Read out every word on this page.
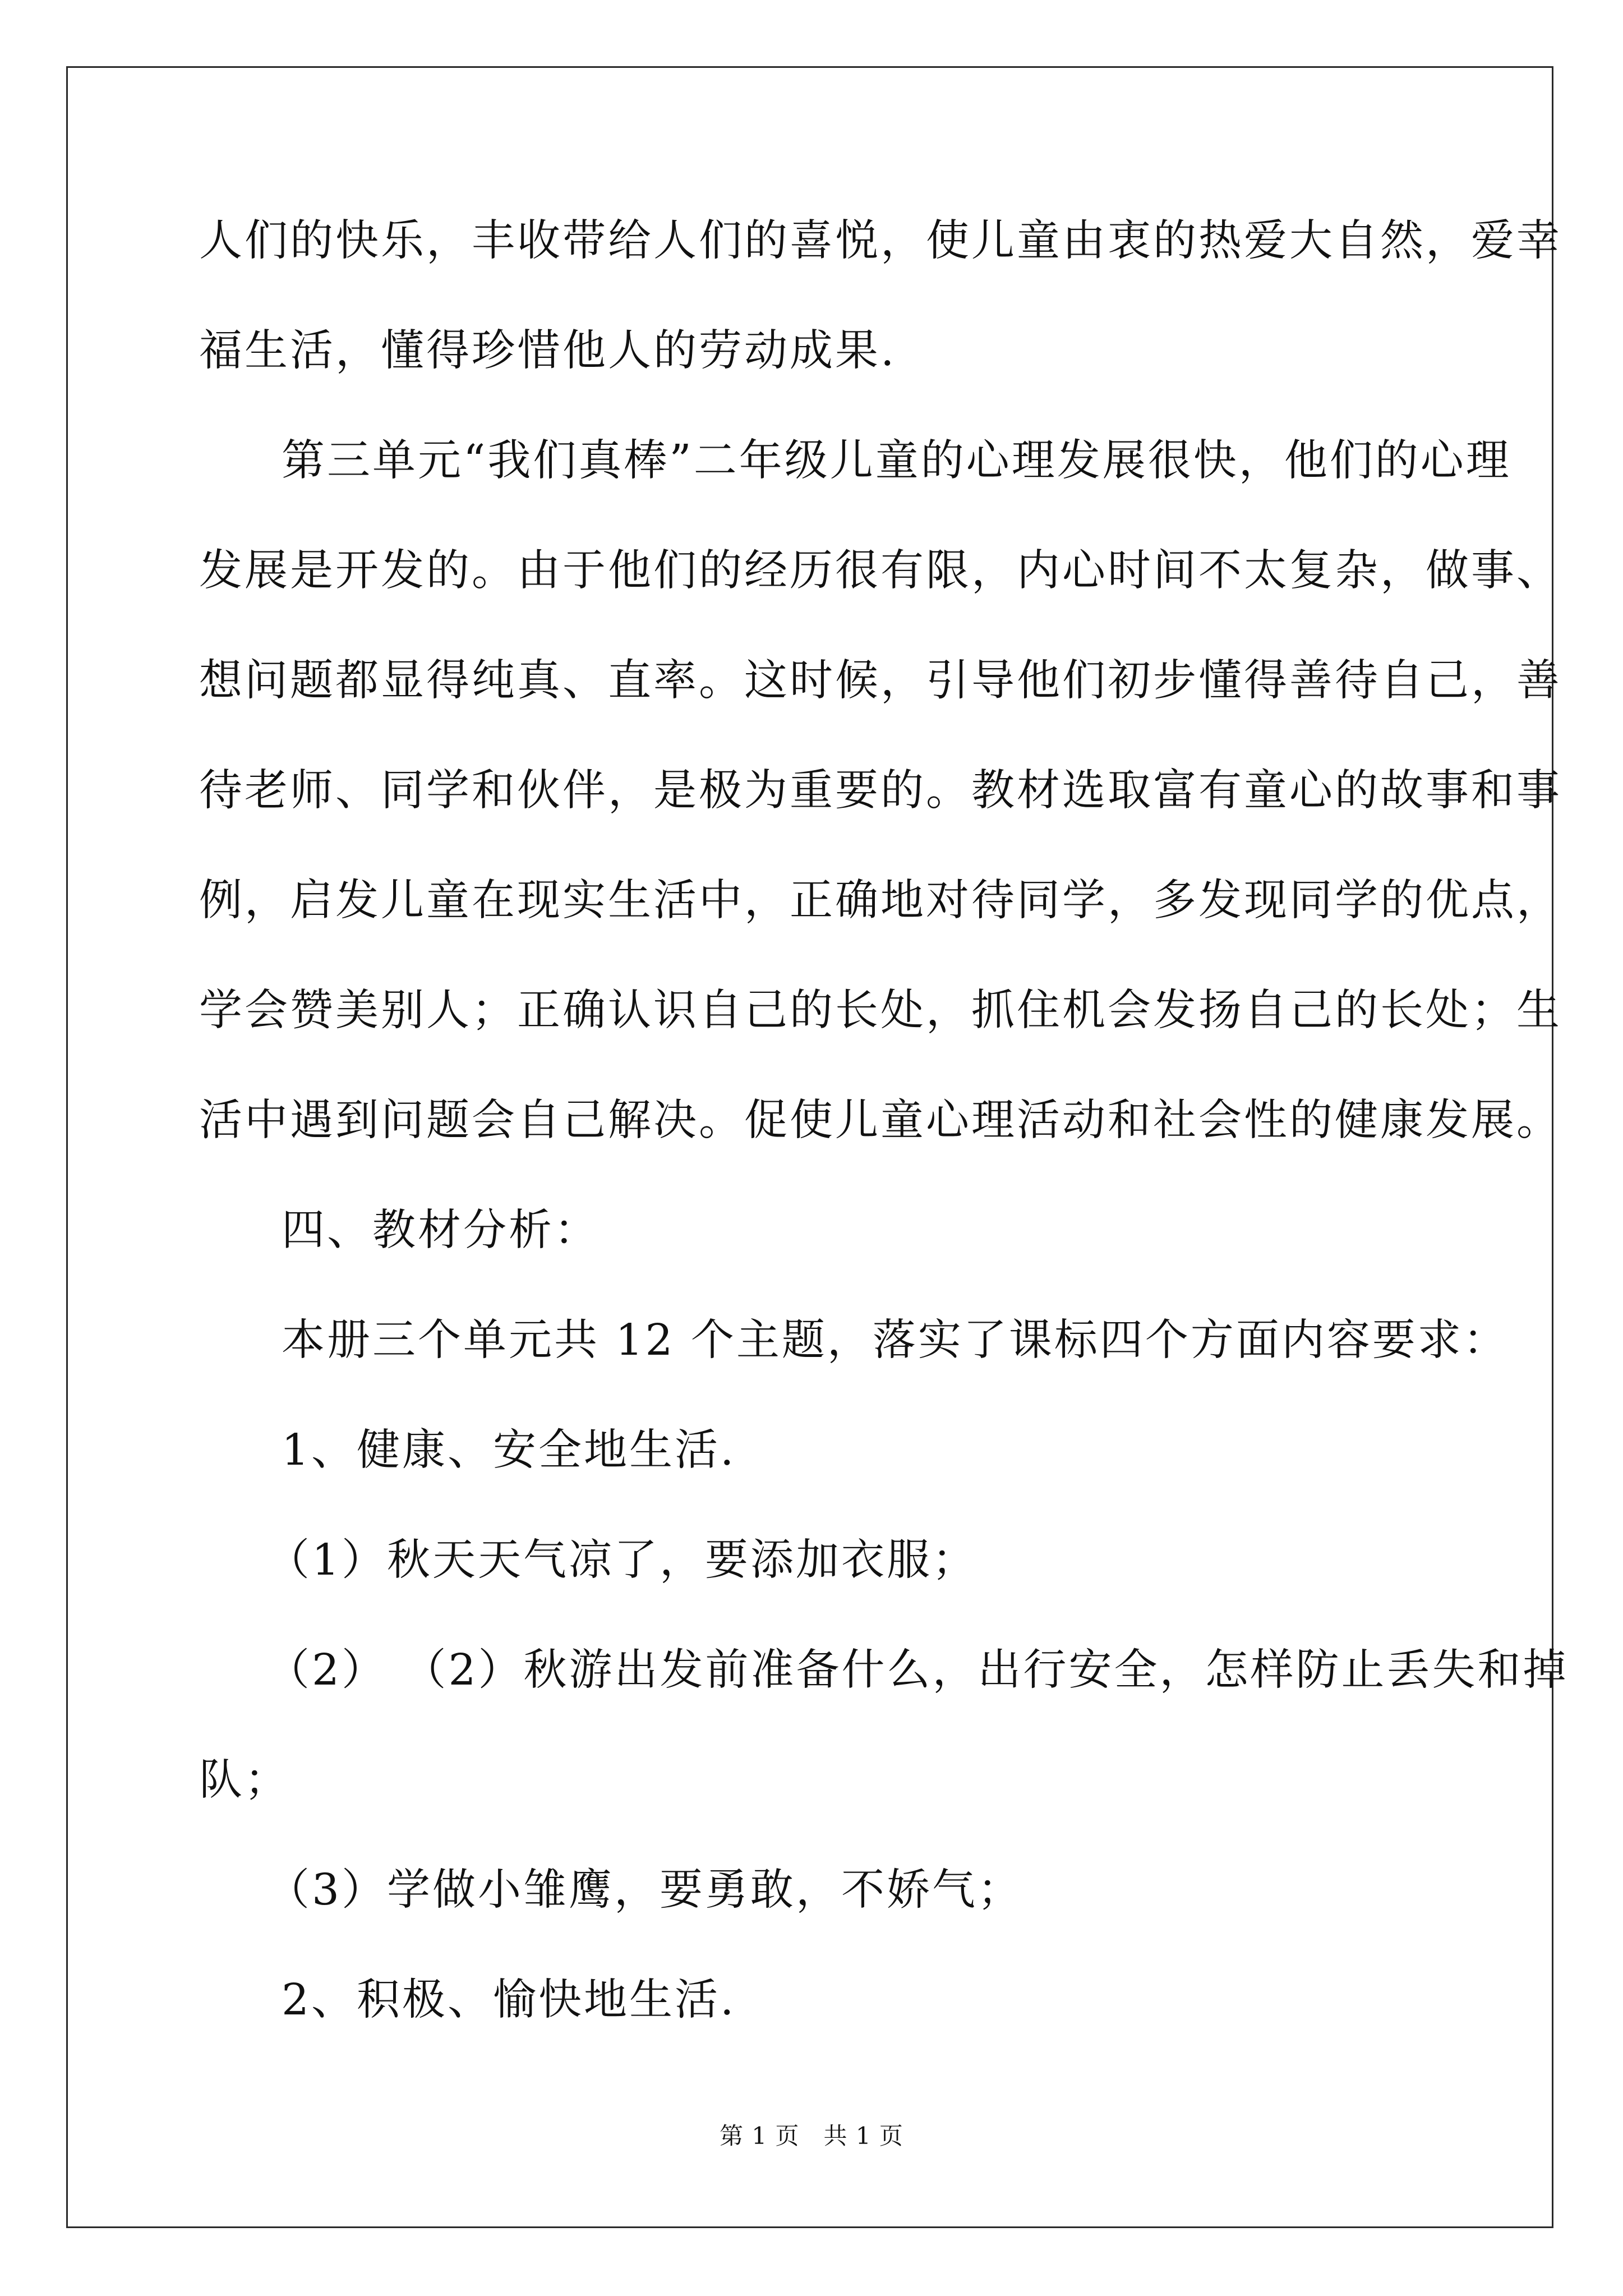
人们的快乐，丰收带给人们的喜悦，使儿童由衷的热爱大自然，爱幸
福生活，懂得珍惜他人的劳动成果.
第三单元“我们真棒”二年级儿童的心理发展很快，他们的心理
发展是开发的。由于他们的经历很有限，内心时间不太复杂，做事、
想问题都显得纯真、直率。这时候，引导他们初步懂得善待自己，善
待老师、同学和伙伴，是极为重要的。教材选取富有童心的故事和事
例，启发儿童在现实生活中，正确地对待同学，多发现同学的优点，
学会赞美别人；正确认识自己的长处，抓住机会发扬自己的长处；生
活中遇到问题会自己解决。促使儿童心理活动和社会性的健康发展。
四、教材分析：
本册三个单元共 12 个主题，落实了课标四个方面内容要求：
1、健康、安全地生活.
（1）秋天天气凉了，要添加衣服；
（2） （2）秋游出发前准备什么，出行安全，怎样防止丢失和掉
队；
（3）学做小雏鹰，要勇敢，不娇气；
2、积极、愉快地生活.
第 1 页　共 1 页
